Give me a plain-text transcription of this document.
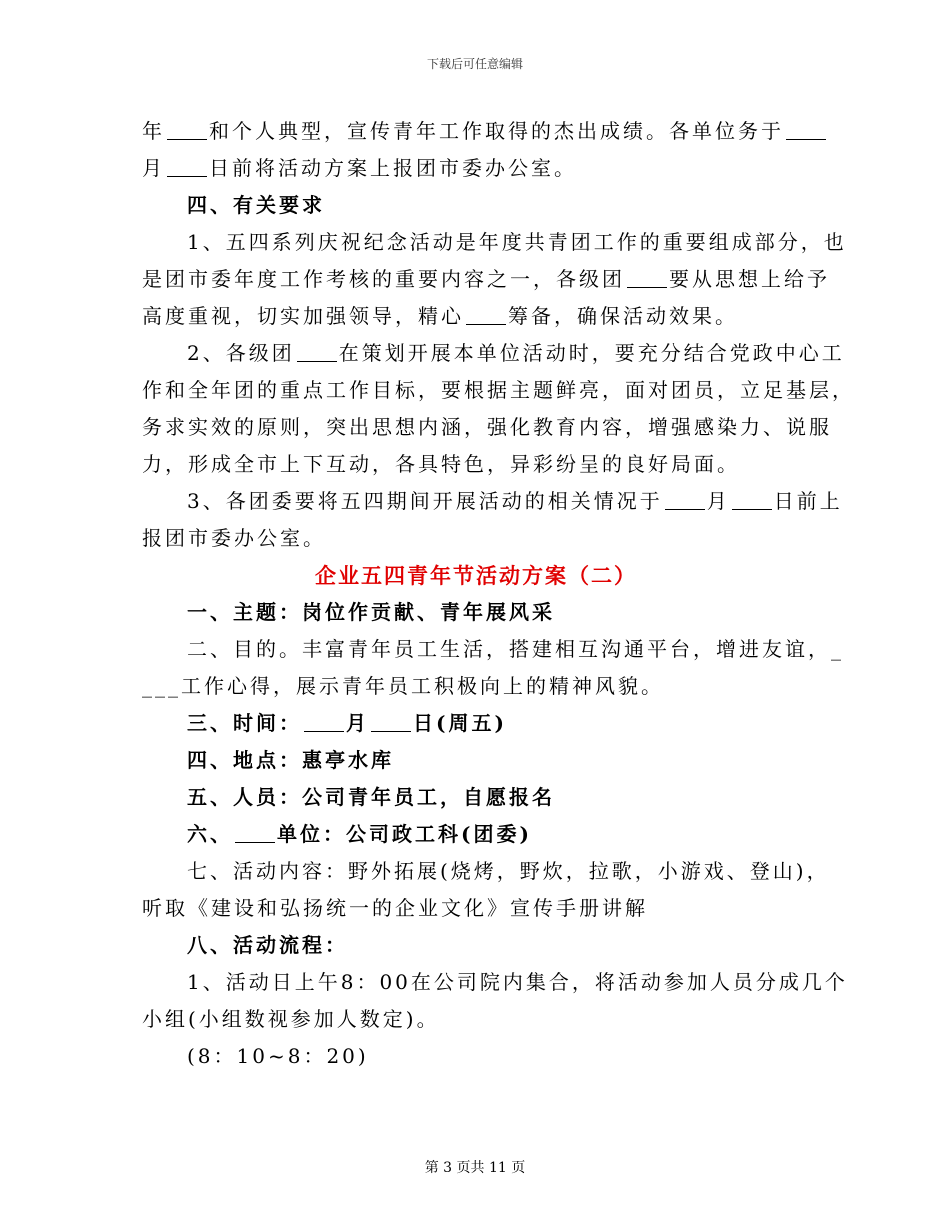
下载后可任意编辑
年 和个人典型，宣传青年工作取得的杰出成绩。各单位务于
月 日前将活动方案上报团市委办公室。
四、有关要求
1、五四系列庆祝纪念活动是年度共青团工作的重要组成部分，也
是团市委年度工作考核的重要内容之一，各级团 要从思想上给予
高度重视，切实加强领导，精心 筹备，确保活动效果。
2、各级团 在策划开展本单位活动时，要充分结合党政中心工
作和全年团的重点工作目标，要根据主题鲜亮，面对团员，立足基层，
务求实效的原则，突出思想内涵，强化教育内容，增强感染力、说服
力，形成全市上下互动，各具特色，异彩纷呈的良好局面。
3、各团委要将五四期间开展活动的相关情况于 月 日前上
报团市委办公室。
企业五四青年节活动方案（二）
一、主题：岗位作贡献、青年展风采
二、目的。丰富青年员工生活，搭建相互沟通平台，增进友谊，_
___工作心得，展示青年员工积极向上的精神风貌。
三、时间： 月 日(周五)
四、地点：惠亭水库
五、人员：公司青年员工，自愿报名
六、 单位：公司政工科(团委)
七、活动内容：野外拓展(烧烤，野炊，拉歌，小游戏、登山)，
听取《建设和弘扬统一的企业文化》宣传手册讲解
八、活动流程：
1、活动日上午8：00在公司院内集合，将活动参加人员分成几个
小组(小组数视参加人数定)。
(8：10~8：20)
第 3 页共 11 页
